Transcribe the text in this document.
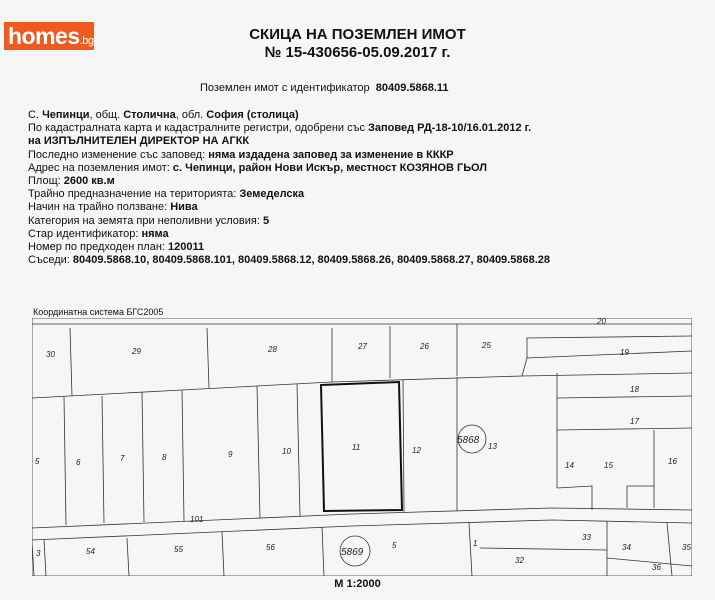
homes.bg	СКИЦА НА ПОЗЕМЛЕН ИМОТ
№ 15-430656-05.09.2017 г.
Поземлен имот с идентификатор 80409.5868.11
С. Чепинци, общ. Столична, обл. София (столица)
По кадастралната карта и кадастралните регистри, одобрени със Заповед РД-18-10/16.01.2012 г.
на ИЗПЪЛНИТЕЛЕН ДИРЕКТОР НА АГКК
Последно изменение със заповед: няма издадена заповед за изменение в КККР
Адрес на поземления имот: с. Чепинци, район Нови Искър, местност КОЗЯНОВ ГЬОЛ
Площ: 2600 кв.м
Трайно предназначение на територията: Земеделска
Начин на трайно ползване: Нива
Категория на земята при неполивни условия: 5
Стар идентификатор: няма
Номер по предходен план: 120011
Съседи: 80409.5868.10, 80409.5868.101, 80409.5868.12, 80409.5868.26, 80409.5868.27, 80409.5868.28
Координатна система БГС2005
30	29	28	27	26	25
20
19
18
17
16
15
14
13
12
11
10
9
8
7
6
5
101
3	54	55	56	5	1
32
33
34	35
36
5868
5869
М 1:2000
